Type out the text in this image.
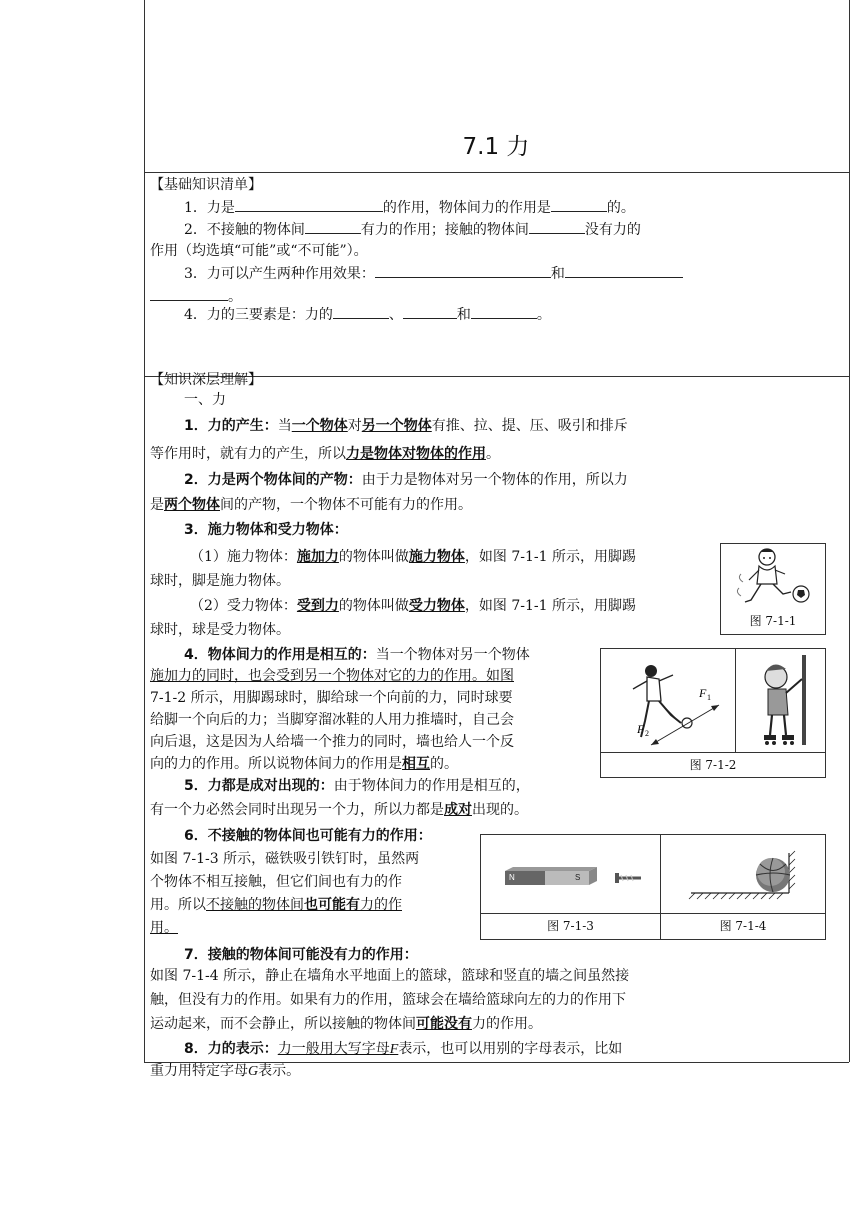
7.1 力
【基础知识清单】
1．力是	的作用，物体间力的作用是	的。
2．不接触的物体间	有力的作用；接触的物体间	没有力的
作用（均选填“可能”或“不可能”）。
3．力可以产生两种作用效果：	和
。
4．力的三要素是：力的	、	和	。
【知识深层理解】
一、力
1．力的产生：当一个物体对另一个物体有推、拉、提、压、吸引和排斥
等作用时，就有力的产生，所以力是物体对物体的作用。
2．力是两个物体间的产物：由于力是物体对另一个物体的作用，所以力
是两个物体间的产物，一个物体不可能有力的作用。
3．施力物体和受力物体：
（1）施力物体：施加力的物体叫做施力物体，如图 7-1-1 所示，用脚踢
球时，脚是施力物体。
（2）受力物体：受到力的物体叫做受力物体，如图 7-1-1 所示，用脚踢
球时，球是受力物体。
图 7-1-1
4．物体间力的作用是相互的：当一个物体对另一个物体
施加力的同时，也会受到另一个物体对它的力的作用。如图
7-1-2 所示，用脚踢球时，脚给球一个向前的力，同时球要
给脚一个向后的力；当脚穿溜冰鞋的人用力推墙时，自己会
向后退，这是因为人给墙一个推力的同时，墙也给人一个反
向的力的作用。所以说物体间力的作用是相互的。
F 1
F 2
图 7-1-2
5．力都是成对出现的：由于物体间力的作用是相互的，
有一个力必然会同时出现另一个力，所以力都是成对出现的。
6．不接触的物体间也可能有力的作用：
如图 7-1-3 所示，磁铁吸引铁钉时，虽然两
个物体不相互接触，但它们间也有力的作
用。所以不接触的物体间也可能有力的作
用。
N	S
图 7-1-3	图 7-1-4
7．接触的物体间可能没有力的作用：
如图 7-1-4 所示，静止在墙角水平地面上的篮球，篮球和竖直的墙之间虽然接
触，但没有力的作用。如果有力的作用，篮球会在墙给篮球向左的力的作用下
运动起来，而不会静止，所以接触的物体间可能没有力的作用。
8．力的表示：力一般用大写字母F表示，也可以用别的字母表示，比如
重力用特定字母G表示。
